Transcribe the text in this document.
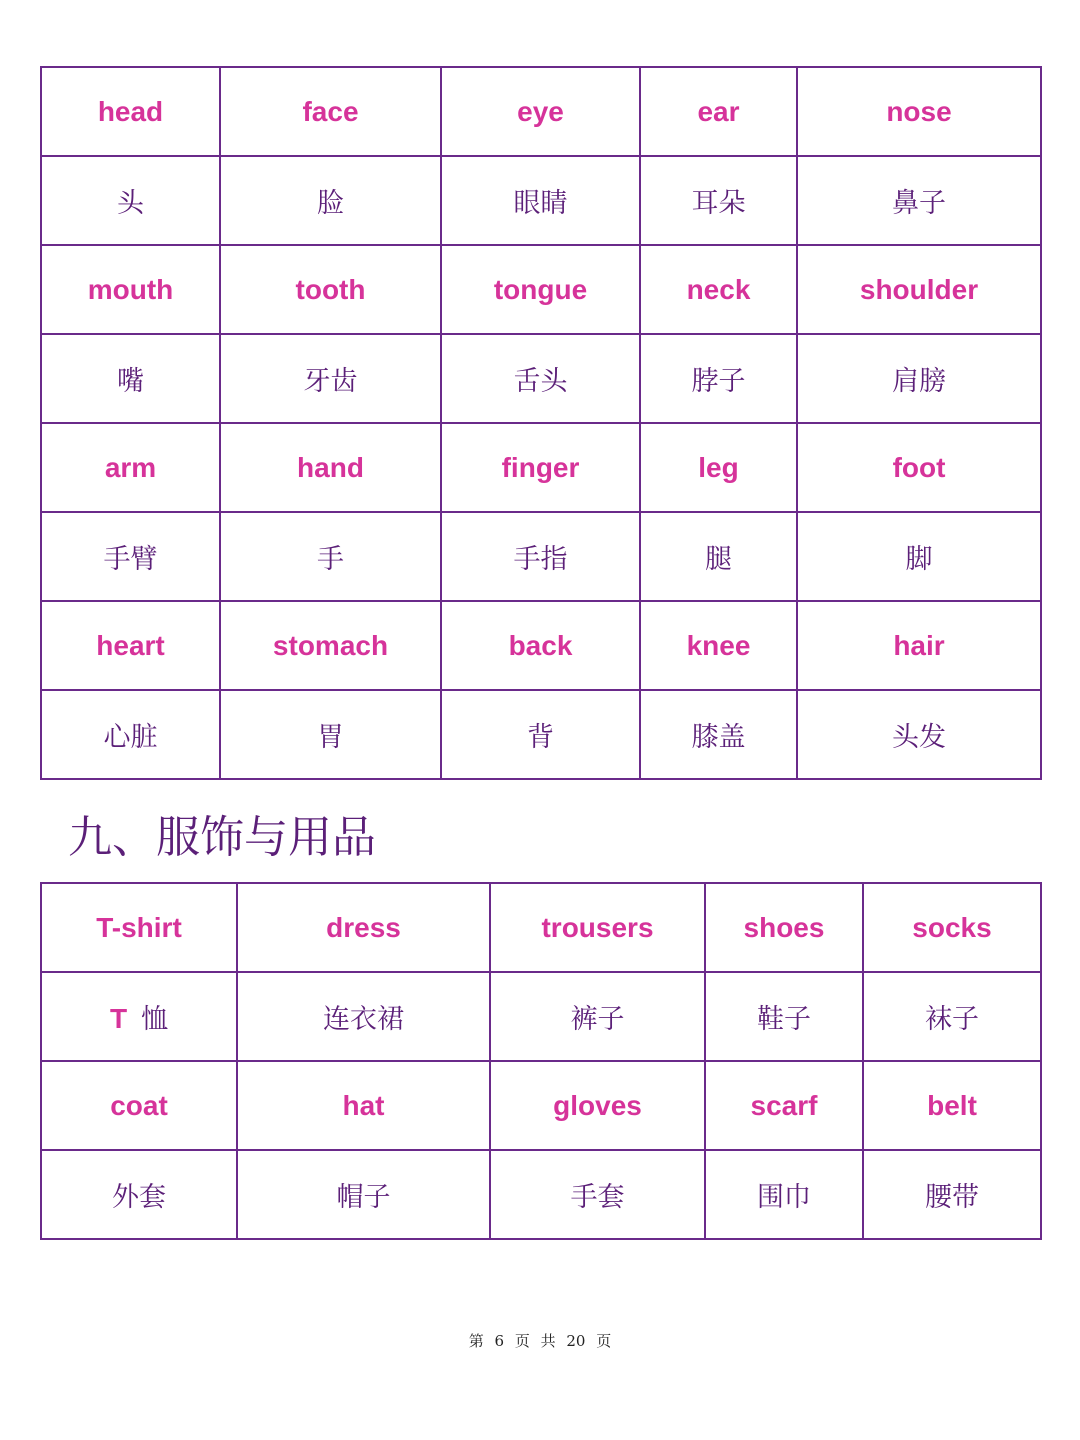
head	face	eye	ear	nose
头	脸	眼睛	耳朵	鼻子
mouth	tooth	tongue	neck	shoulder
嘴	牙齿	舌头	脖子	肩膀
arm	hand	finger	leg	foot
手臂	手	手指	腿	脚
heart	stomach	back	knee	hair
心脏	胃	背	膝盖	头发
九、服饰与用品
T-shirt	dress	trousers	shoes	socks
T 恤	连衣裙	裤子	鞋子	袜子
coat	hat	gloves	scarf	belt
外套	帽子	手套	围巾	腰带
第 6 页 共 20 页
